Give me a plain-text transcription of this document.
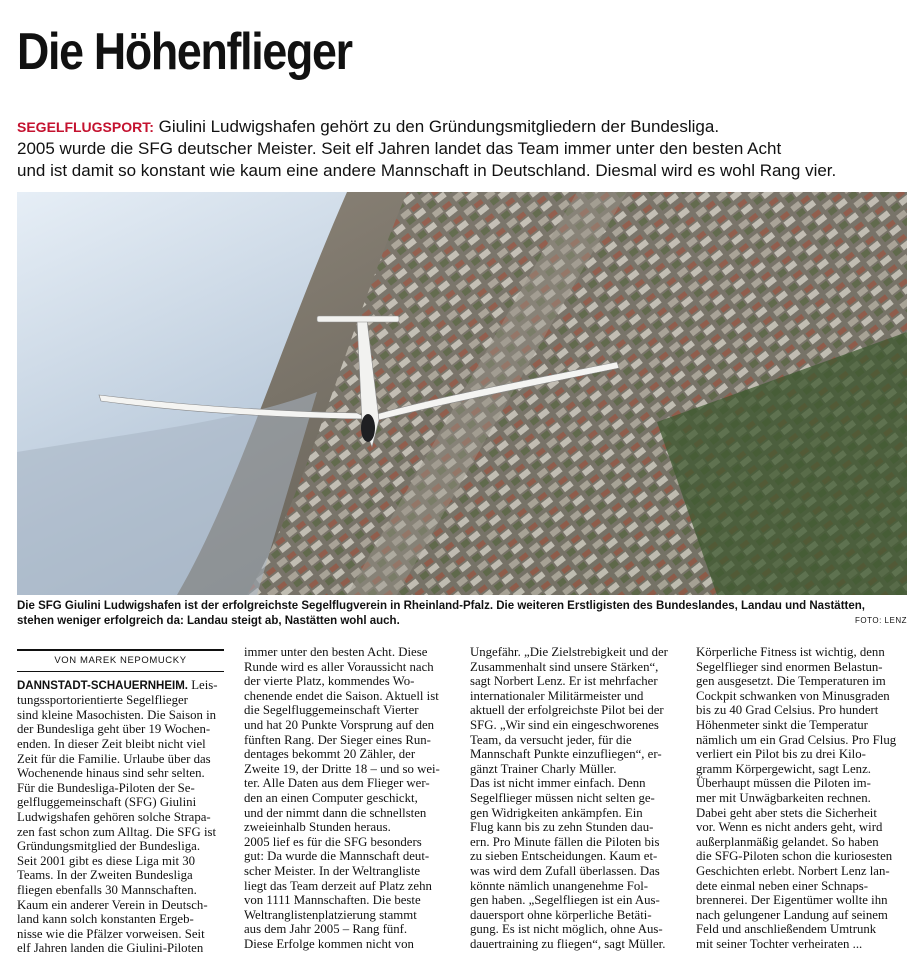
Die Höhenflieger
SEGELFLUGSPORT: Giulini Ludwigshafen gehört zu den Gründungsmitgliedern der Bundesliga.
2005 wurde die SFG deutscher Meister. Seit elf Jahren landet das Team immer unter den besten Acht
und ist damit so konstant wie kaum eine andere Mannschaft in Deutschland. Diesmal wird es wohl Rang vier.
Die SFG Giulini Ludwigshafen ist der erfolgreichste Segelflugverein in Rheinland-Pfalz. Die weiteren Erstligisten des Bundeslandes, Landau und Nastätten,
stehen weniger erfolgreich da: Landau steigt ab, Nastätten wohl auch.	FOTO: LENZ
VON MAREK NEPOMUCKY
DANNSTADT-SCHAUERNHEIM. Leis-
tungssportorientierte Segelflieger
sind kleine Masochisten. Die Saison in
der Bundesliga geht über 19 Wochen-
enden. In dieser Zeit bleibt nicht viel
Zeit für die Familie. Urlaube über das
Wochenende hinaus sind sehr selten.
Für die Bundesliga-Piloten der Se-
gelfluggemeinschaft (SFG) Giulini
Ludwigshafen gehören solche Strapa-
zen fast schon zum Alltag. Die SFG ist
Gründungsmitglied der Bundesliga.
Seit 2001 gibt es diese Liga mit 30
Teams. In der Zweiten Bundesliga
fliegen ebenfalls 30 Mannschaften.
Kaum ein anderer Verein in Deutsch-
land kann solch konstanten Ergeb-
nisse wie die Pfälzer vorweisen. Seit
elf Jahren landen die Giulini-Piloten
immer unter den besten Acht. Diese
Runde wird es aller Voraussicht nach
der vierte Platz, kommendes Wo-
chenende endet die Saison. Aktuell ist
die Segelfluggemeinschaft Vierter
und hat 20 Punkte Vorsprung auf den
fünften Rang. Der Sieger eines Run-
dentages bekommt 20 Zähler, der
Zweite 19, der Dritte 18 – und so wei-
ter. Alle Daten aus dem Flieger wer-
den an einen Computer geschickt,
und der nimmt dann die schnellsten
zweieinhalb Stunden heraus.
2005 lief es für die SFG besonders
gut: Da wurde die Mannschaft deut-
scher Meister. In der Weltrangliste
liegt das Team derzeit auf Platz zehn
von 1111 Mannschaften. Die beste
Weltranglistenplatzierung stammt
aus dem Jahr 2005 – Rang fünf.
Diese Erfolge kommen nicht von
Ungefähr. „Die Zielstrebigkeit und der
Zusammenhalt sind unsere Stärken“,
sagt Norbert Lenz. Er ist mehrfacher
internationaler Militärmeister und
aktuell der erfolgreichste Pilot bei der
SFG. „Wir sind ein eingeschworenes
Team, da versucht jeder, für die
Mannschaft Punkte einzufliegen“, er-
gänzt Trainer Charly Müller.
Das ist nicht immer einfach. Denn
Segelflieger müssen nicht selten ge-
gen Widrigkeiten ankämpfen. Ein
Flug kann bis zu zehn Stunden dau-
ern. Pro Minute fällen die Piloten bis
zu sieben Entscheidungen. Kaum et-
was wird dem Zufall überlassen. Das
könnte nämlich unangenehme Fol-
gen haben. „Segelfliegen ist ein Aus-
dauersport ohne körperliche Betäti-
gung. Es ist nicht möglich, ohne Aus-
dauertraining zu fliegen“, sagt Müller.
Körperliche Fitness ist wichtig, denn
Segelflieger sind enormen Belastun-
gen ausgesetzt. Die Temperaturen im
Cockpit schwanken von Minusgraden
bis zu 40 Grad Celsius. Pro hundert
Höhenmeter sinkt die Temperatur
nämlich um ein Grad Celsius. Pro Flug
verliert ein Pilot bis zu drei Kilo-
gramm Körpergewicht, sagt Lenz.
Überhaupt müssen die Piloten im-
mer mit Unwägbarkeiten rechnen.
Dabei geht aber stets die Sicherheit
vor. Wenn es nicht anders geht, wird
außerplanmäßig gelandet. So haben
die SFG-Piloten schon die kuriosesten
Geschichten erlebt. Norbert Lenz lan-
dete einmal neben einer Schnaps-
brennerei. Der Eigentümer wollte ihn
nach gelungener Landung auf seinem
Feld und anschließendem Umtrunk
mit seiner Tochter verheiraten ...
